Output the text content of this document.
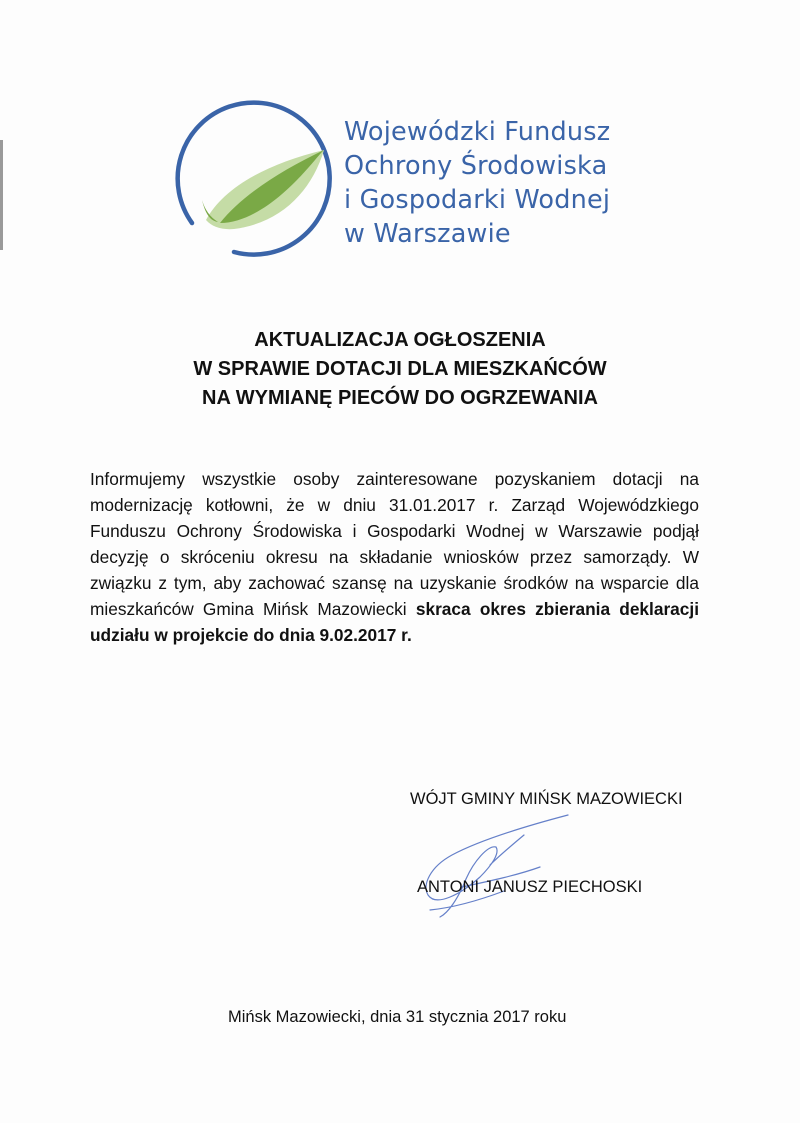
Wojewódzki Fundusz
Ochrony Środowiska
i Gospodarki Wodnej
w Warszawie
AKTUALIZACJA OGŁOSZENIA
W SPRAWIE DOTACJI DLA MIESZKAŃCÓW
NA WYMIANĘ PIECÓW DO OGRZEWANIA
Informujemy wszystkie osoby zainteresowane pozyskaniem dotacji na
modernizację kotłowni, że w dniu 31.01.2017 r. Zarząd Wojewódzkiego
Funduszu Ochrony Środowiska i Gospodarki Wodnej w Warszawie podjął
decyzję o skróceniu okresu na składanie wniosków przez samorządy. W
związku z tym, aby zachować szansę na uzyskanie środków na wsparcie dla
mieszkańców Gmina Mińsk Mazowiecki skracа okres zbierania deklaracji
udziału w projekcie do dnia 9.02.2017 r.
WÓJT GMINY MIŃSK MAZOWIECKI
ANTONI JANUSZ PIECHOSKI
Mińsk Mazowiecki, dnia 31 stycznia 2017 roku
